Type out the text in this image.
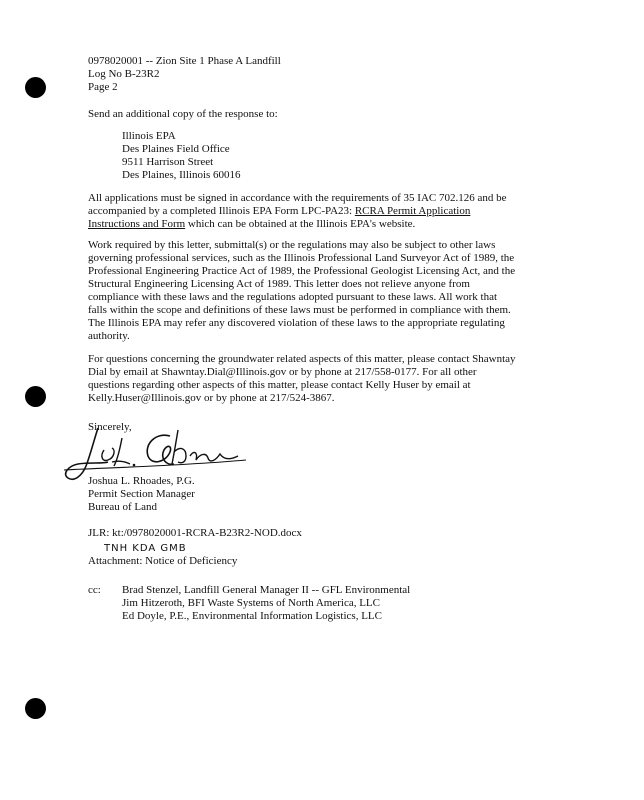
0978020001 -- Zion Site 1 Phase A Landfill
Log No B-23R2
Page 2
Send an additional copy of the response to:
Illinois EPA
Des Plaines Field Office
9511 Harrison Street
Des Plaines, Illinois 60016
All applications must be signed in accordance with the requirements of 35 IAC 702.126 and be
accompanied by a completed Illinois EPA Form LPC-PA23: RCRA Permit Application
Instructions and Form which can be obtained at the Illinois EPA's website.
Work required by this letter, submittal(s) or the regulations may also be subject to other laws
governing professional services, such as the Illinois Professional Land Surveyor Act of 1989, the
Professional Engineering Practice Act of 1989, the Professional Geologist Licensing Act, and the
Structural Engineering Licensing Act of 1989. This letter does not relieve anyone from
compliance with these laws and the regulations adopted pursuant to these laws. All work that
falls within the scope and definitions of these laws must be performed in compliance with them.
The Illinois EPA may refer any discovered violation of these laws to the appropriate regulating
authority.
For questions concerning the groundwater related aspects of this matter, please contact Shawntay
Dial by email at Shawntay.Dial@Illinois.gov or by phone at 217/558-0177. For all other
questions regarding other aspects of this matter, please contact Kelly Huser by email at
Kelly.Huser@Illinois.gov or by phone at 217/524-3867.
Sincerely,
Joshua L. Rhoades, P.G.
Permit Section Manager
Bureau of Land
JLR: kt:/0978020001-RCRA-B23R2-NOD.docx
TNH KDA GMB
Attachment: Notice of Deficiency
cc: Brad Stenzel, Landfill General Manager II -- GFL Environmental
Jim Hitzeroth, BFI Waste Systems of North America, LLC
Ed Doyle, P.E., Environmental Information Logistics, LLC
